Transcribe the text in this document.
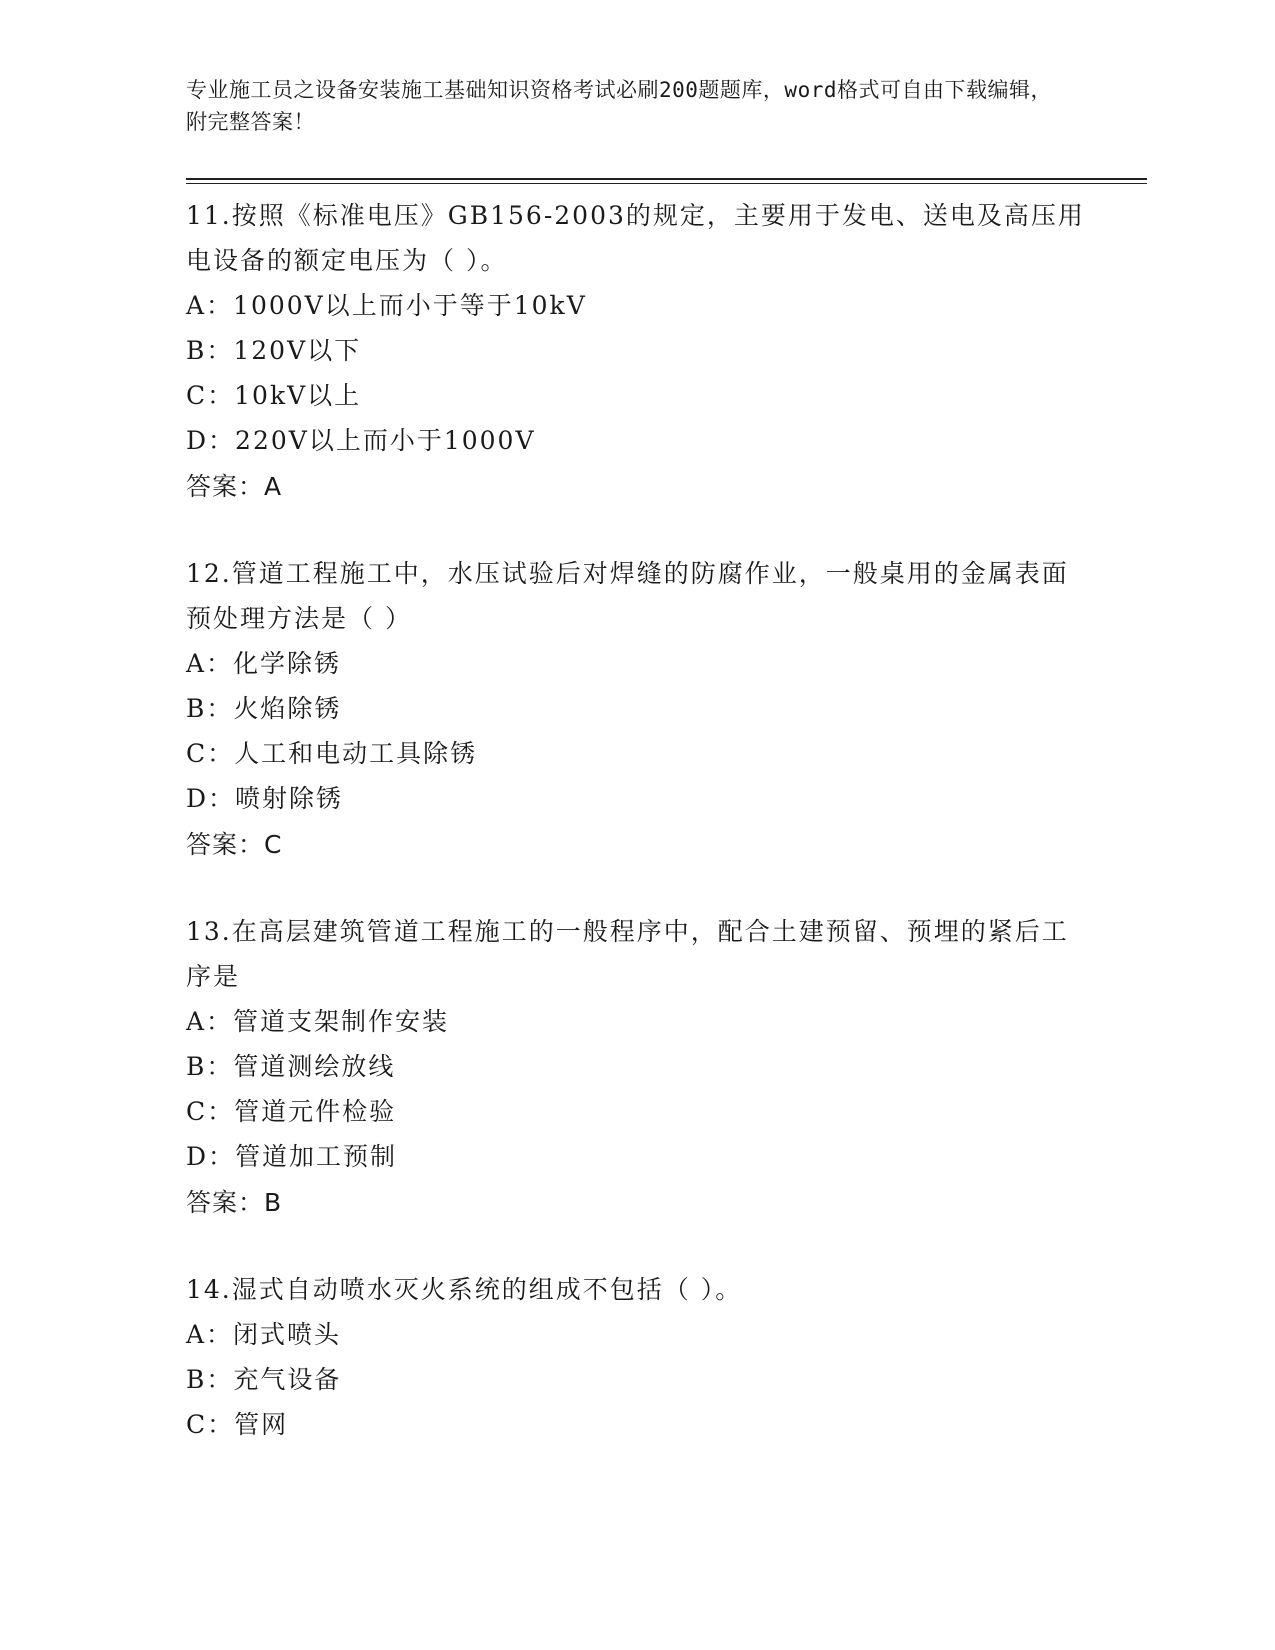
专业施工员之设备安装施工基础知识资格考试必刷200题题库，word格式可自由下载编辑，附完整答案！

11.按照《标准电压》GB156-2003的规定，主要用于发电、送电及高压用电设备的额定电压为（ ）。

A：1000V以上而小于等于10kV

B：120V以下

C：10kV以上

D：220V以上而小于1000V

答案：A

12.管道工程施工中，水压试验后对焊缝的防腐作业，一般桌用的金属表面预处理方法是（ ）

A：化学除锈

B：火焰除锈

C：人工和电动工具除锈

D：喷射除锈

答案：C

13.在高层建筑管道工程施工的一般程序中，配合土建预留、预埋的紧后工序是

A：管道支架制作安装

B：管道测绘放线

C：管道元件检验

D：管道加工预制

答案：B

14.湿式自动喷水灭火系统的组成不包括（ ）。

A：闭式喷头

B：充气设备

C：管网
